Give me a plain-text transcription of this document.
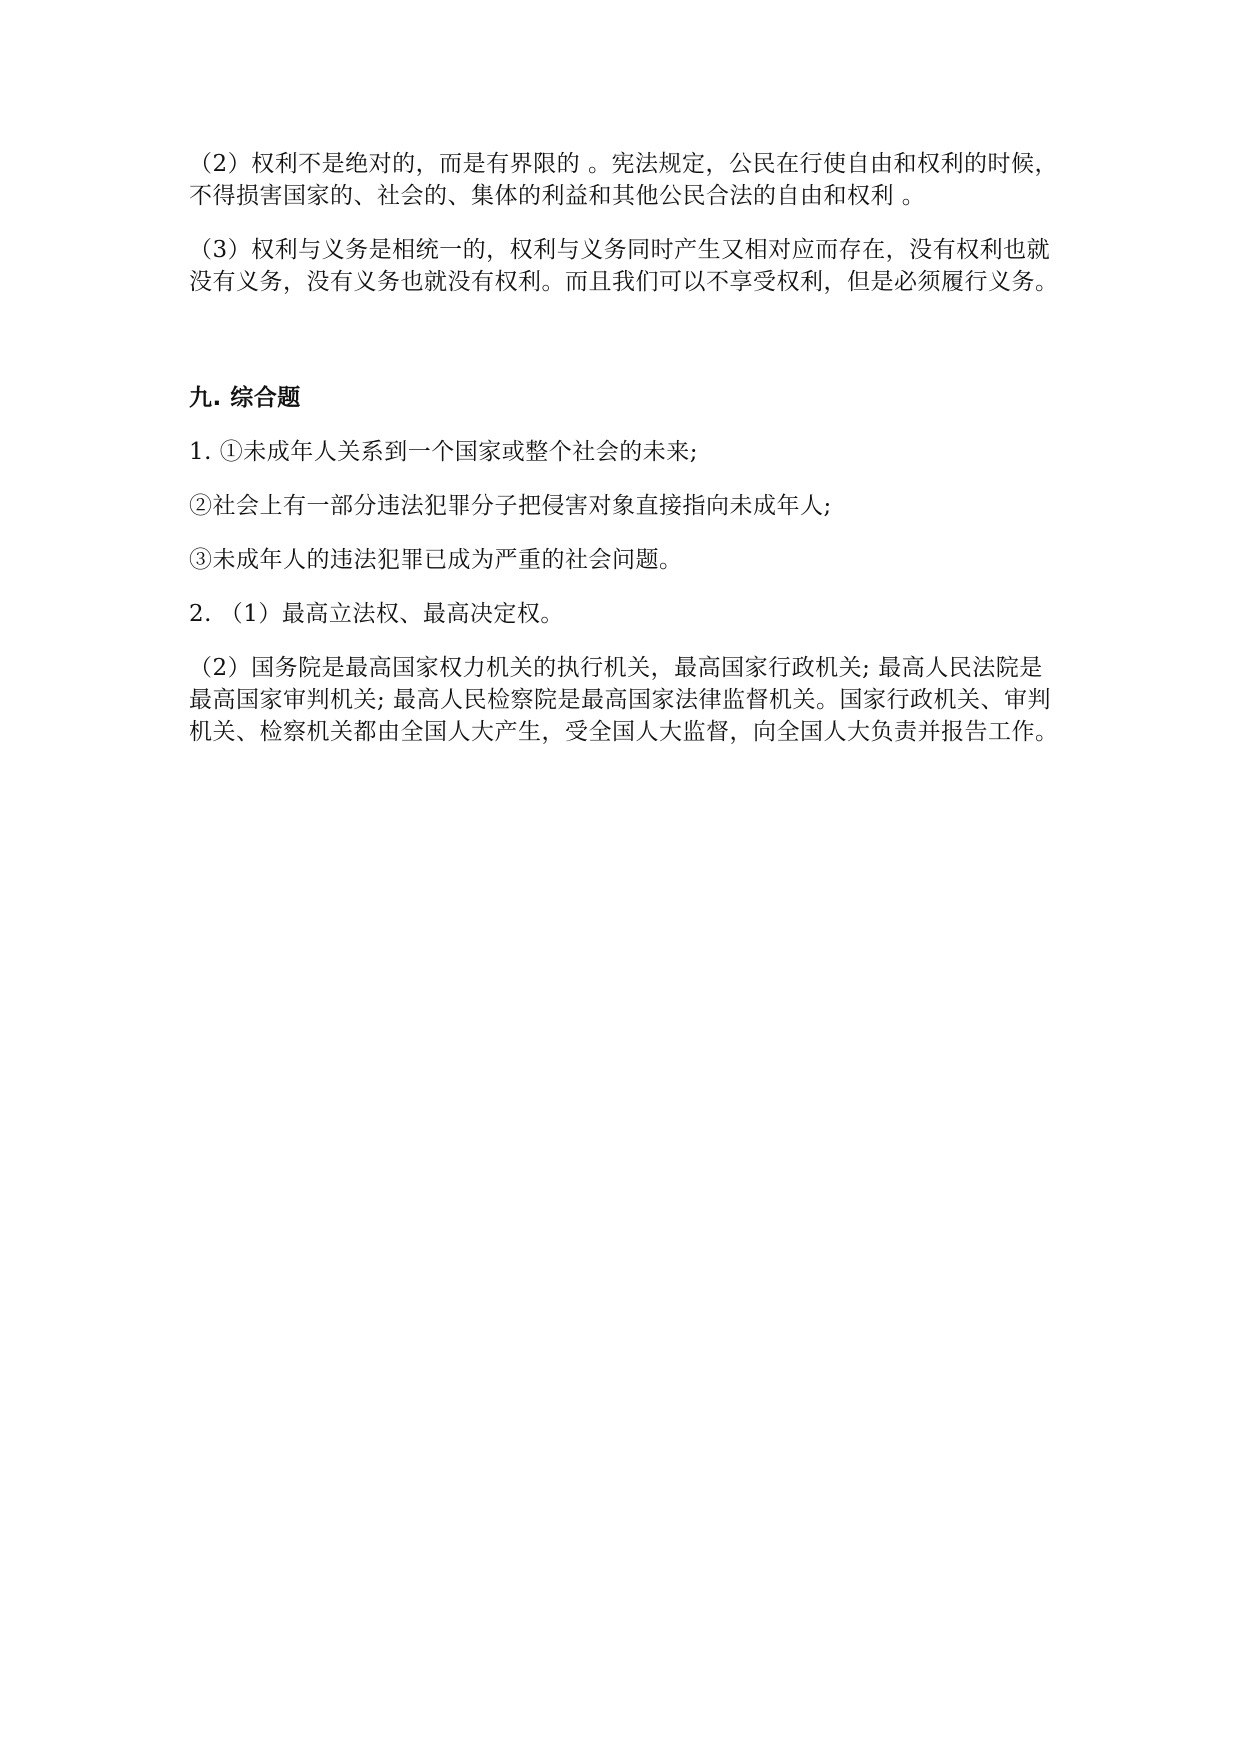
（2）权利不是绝对的，而是有界限的 。宪法规定，公民在行使自由和权利的时候，不得损害国家的、社会的、集体的利益和其他公民合法的自由和权利 。

（3）权利与义务是相统一的，权利与义务同时产生又相对应而存在，没有权利也就没有义务，没有义务也就没有权利。而且我们可以不享受权利，但是必须履行义务。

九. 综合题

1. ①未成年人关系到一个国家或整个社会的未来;

②社会上有一部分违法犯罪分子把侵害对象直接指向未成年人;

③未成年人的违法犯罪已成为严重的社会问题。

2. （1）最高立法权、最高决定权。

（2）国务院是最高国家权力机关的执行机关，最高国家行政机关; 最高人民法院是最高国家审判机关; 最高人民检察院是最高国家法律监督机关。国家行政机关、审判机关、检察机关都由全国人大产生，受全国人大监督，向全国人大负责并报告工作。
